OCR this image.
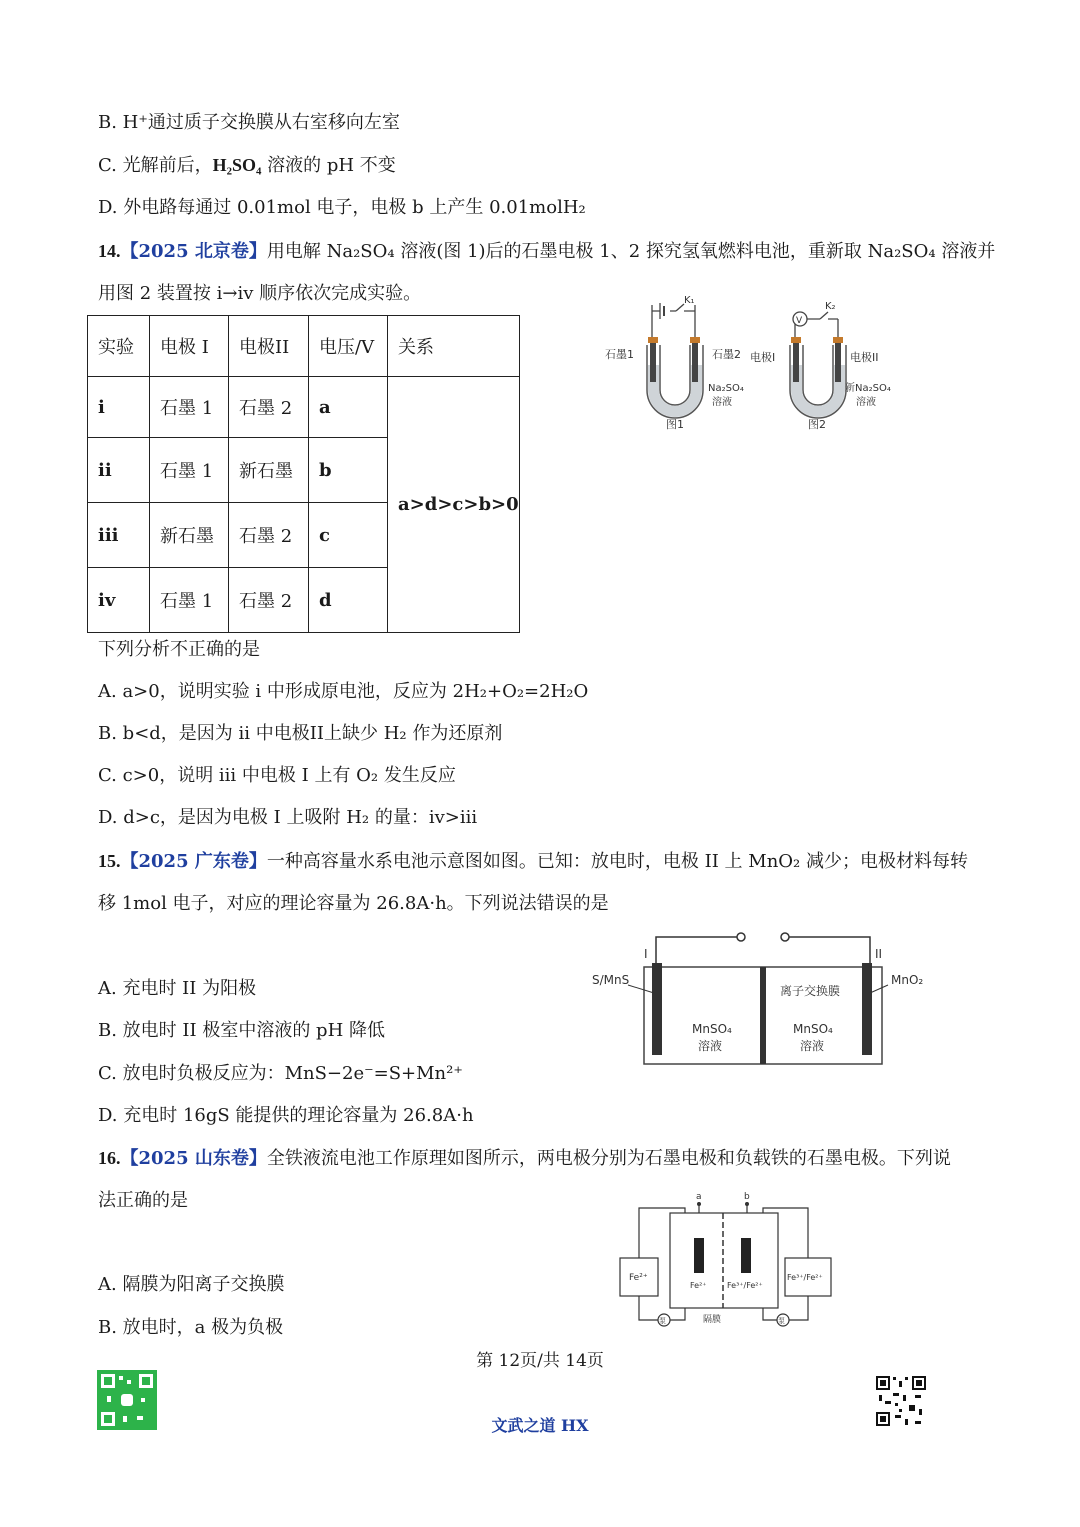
B. H⁺通过质子交换膜从右室移向左室
C. 光解前后，H₂SO₄ 溶液的 pH 不变
D. 外电路每通过 0.01mol 电子，电极 b 上产生 0.01molH₂
14.【2025 北京卷】用电解 Na₂SO₄ 溶液(图 1)后的石墨电极 1、2 探究氢氧燃料电池，重新取 Na₂SO₄ 溶液并
用图 2 装置按 i→iv 顺序依次完成实验。
实验	电极 I	电极II	电压/V	关系
i	石墨 1	石墨 2	a	a>d>c>b>0
ii	石墨 1	新石墨	b	
iii	新石墨	石墨 2	c	
iv	石墨 1	石墨 2	d	
K₁
石墨1	石墨2
Na₂SO₄
溶液
图1
V
K₂
电极I	电极II
新Na₂SO₄
溶液
图2
下列分析不正确的是
A. a>0，说明实验 i 中形成原电池，反应为 2H₂+O₂=2H₂O
B. b<d，是因为 ii 中电极II上缺少 H₂ 作为还原剂
C. c>0，说明 iii 中电极 I 上有 O₂ 发生反应
D. d>c，是因为电极 I 上吸附 H₂ 的量：iv>iii
15.【2025 广东卷】一种高容量水系电池示意图如图。已知：放电时，电极 II 上 MnO₂ 减少；电极材料每转
移 1mol 电子，对应的理论容量为 26.8A·h。下列说法错误的是
I	II
S/MnS	MnO₂
离子交换膜
MnSO₄
溶液
MnSO₄
溶液
A. 充电时 II 为阳极
B. 放电时 II 极室中溶液的 pH 降低
C. 放电时负极反应为：MnS−2e⁻=S+Mn²⁺
D. 充电时 16gS 能提供的理论容量为 26.8A·h
16.【2025 山东卷】全铁液流电池工作原理如图所示，两电极分别为石墨电极和负载铁的石墨电极。下列说
法正确的是	a	b
泵	泵
Fe²⁺
Fe²⁺	Fe³⁺/Fe²⁺
Fe³⁺/Fe²⁺
隔膜
A. 隔膜为阳离子交换膜
B. 放电时，a 极为负极
第 12页/共 14页
文武之道 HX
